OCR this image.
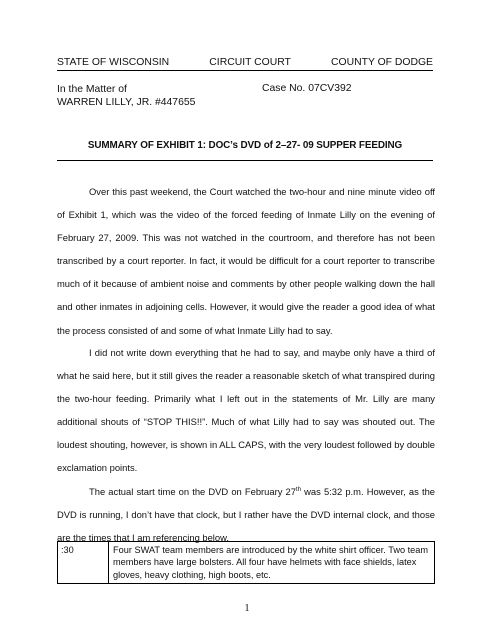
STATE OF WISCONSIN	CIRCUIT COURT	COUNTY OF DODGE
In the Matter of
WARREN LILLY, JR. #447655
Case No. 07CV392
SUMMARY OF EXHIBIT 1: DOC’s DVD of 2–27- 09 SUPPER FEEDING

Over this past weekend, the Court watched the two-hour and nine minute video off of Exhibit 1, which was the video of the forced feeding of Inmate Lilly on the evening of February 27, 2009. This was not watched in the courtroom, and therefore has not been transcribed by a court reporter. In fact, it would be difficult for a court reporter to transcribe much of it because of ambient noise and comments by other people walking down the hall and other inmates in adjoining cells. However, it would give the reader a good idea of what the process consisted of and some of what Inmate Lilly had to say.

I did not write down everything that he had to say, and maybe only have a third of what he said here, but it still gives the reader a reasonable sketch of what transpired during the two-hour feeding. Primarily what I left out in the statements of Mr. Lilly are many additional shouts of “STOP THIS!!”. Much of what Lilly had to say was shouted out. The loudest shouting, however, is shown in ALL CAPS, with the very loudest followed by double exclamation points.

The actual start time on the DVD on February 27th was 5:32 p.m. However, as the DVD is running, I don’t have that clock, but I rather have the DVD internal clock, and those are the times that I am referencing below.

:30	Four SWAT team members are introduced by the white shirt officer. Two team members have large bolsters. All four have helmets with face shields, latex gloves, heavy clothing, high boots, etc.
1
